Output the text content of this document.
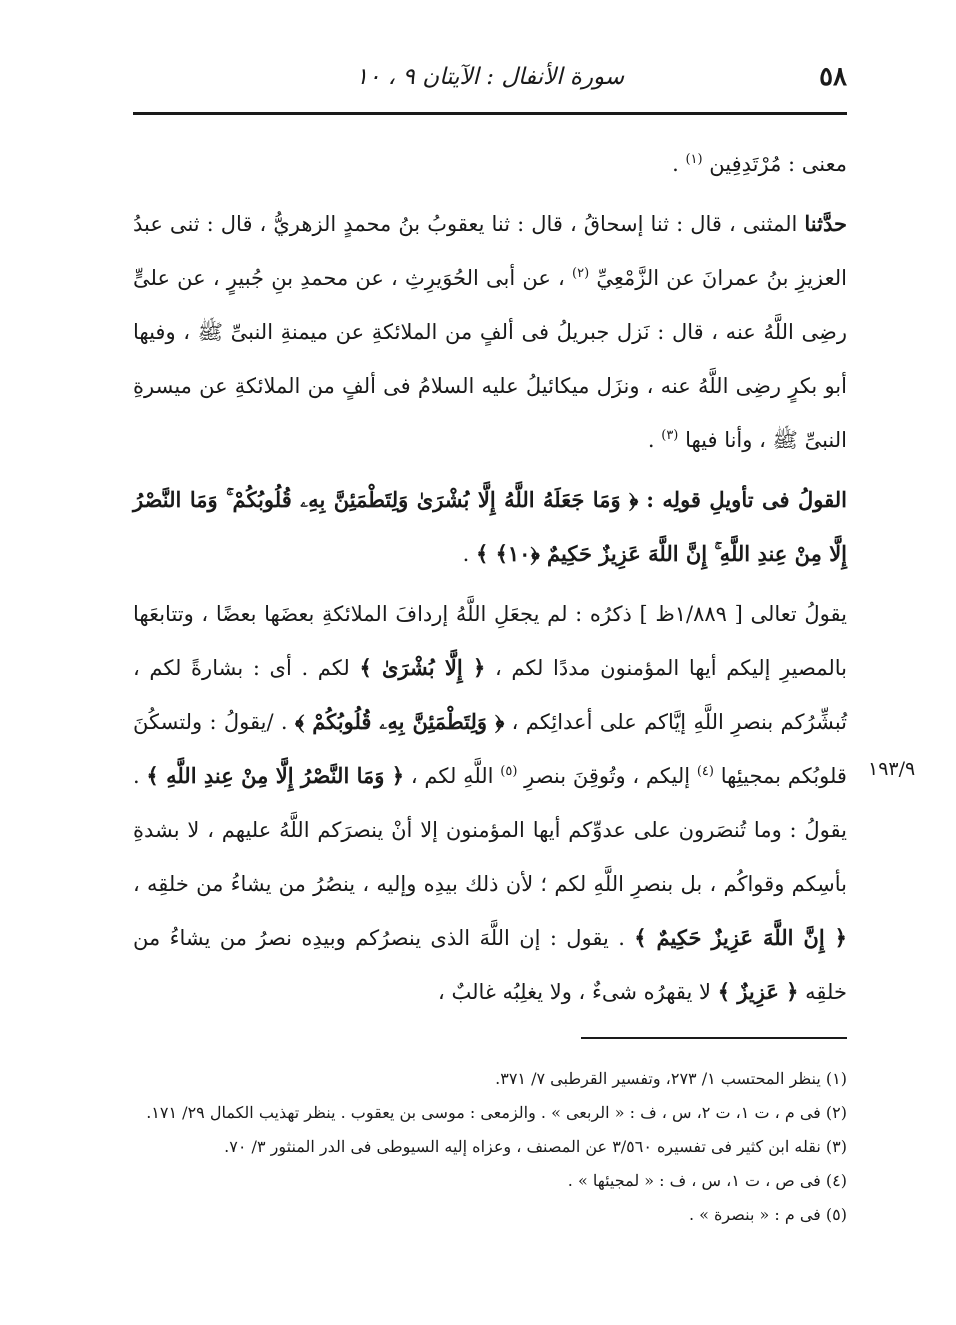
٥٨
سورة الأنفال : الآيتان ٩ ، ١٠

معنى : مُرْتَدِفِين $^{(١)}$ .

حدَّثنا المثنى ، قال : ثنا إسحاقُ ، قال : ثنا يعقوبُ بنُ محمدٍ الزهريُّ ، قال : ثنى عبدُ العزيزِ بنُ عمرانَ عن الزَّمْعِيِّ $^{(٢)}$ ، عن أبى الحُوَيرِثِ ، عن محمدِ بنِ جُبيرٍ ، عن علىٍّ رضِى اللَّهُ عنه ، قال : نَزل جبريلُ فى ألفٍ من الملائكةِ عن ميمنةِ النبىِّ ﷺ ، وفيها أبو بكرٍ رضِى اللَّهُ عنه ، ونزَل ميكائيلُ عليه السلامُ فى ألفٍ من الملائكةِ عن ميسرةِ النبىِّ ﷺ ، وأنا فيها $^{(٣)}$ .

القولُ فى تأويلِ قولِه : ﴿ وَمَا جَعَلَهُ اللَّهُ إِلَّا بُشْرَىٰ وَلِتَطْمَئِنَّ بِهِۦ قُلُوبُكُمْ ۚ وَمَا النَّصْرُ إِلَّا مِنْ عِندِ اللَّهِ ۚ إِنَّ اللَّهَ عَزِيزٌ حَكِيمٌ ﴿١٠﴾ ﴾ .

يقولُ تعالى [ ١/٨٨٩ظ ] ذكرُه : لم يجعَلِ اللَّهُ إردافَ الملائكةِ بعضَها بعضًا ، وتتابعَها بالمصيرِ إليكم أيها المؤمنون مددًا لكم ، ﴿ إِلَّا بُشْرَىٰ ﴾ لكم . أى : بشارةً لكم ، تُبشِّرُكم بنصرِ اللَّهِ إيَّاكم على أعدائِكم ، ﴿ وَلِتَطْمَئِنَّ بِهِۦ قُلُوبُكُمْ ﴾ . /يقولُ : ولتسكُنَ قلوبُكم بمجيئِها $^{(٤)}$ إليكم ، وتُوقِنَ بنصرِ $^{(٥)}$ اللَّهِ لكم ، ﴿ وَمَا النَّصْرُ إِلَّا مِنْ عِندِ اللَّهِ ﴾ . يقولُ : وما تُنصَرون على عدوِّكم أيها المؤمنون إلا أنْ ينصرَكم اللَّهُ عليهم ، لا بشدةِ بأسِكم وقواكُم ، بل بنصرِ اللَّهِ لكم ؛ لأن ذلك بيدِه وإليه ، ينصُرُ من يشاءُ من خلقِه ، ﴿ إِنَّ اللَّهَ عَزِيزٌ حَكِيمٌ ﴾ . يقول : إن اللَّهَ الذى ينصرُكم وبيدِه نصرُ من يشاءُ من خلقِه ﴿ عَزِيزٌ ﴾ لا يقهرُه شىءٌ ، ولا يغلِبُه غالبٌ ،

١٩٣/٩

(١) ينظر المحتسب ١/ ٢٧٣، وتفسير القرطبى ٧/ ٣٧١.

(٢) فى م ، ت ١، ت ٢، س ، ف : « الربعى » . والزمعى : موسى بن يعقوب . ينظر تهذيب الكمال ٢٩/ ١٧١.

(٣) نقله ابن كثير فى تفسيره ٣/٥٦٠ عن المصنف ، وعزاه إليه السيوطى فى الدر المنثور ٣/ ٧٠.

(٤) فى ص ، ت ١، س ، ف : « لمجيئها » .

(٥) فى م : « بنصرة » .
